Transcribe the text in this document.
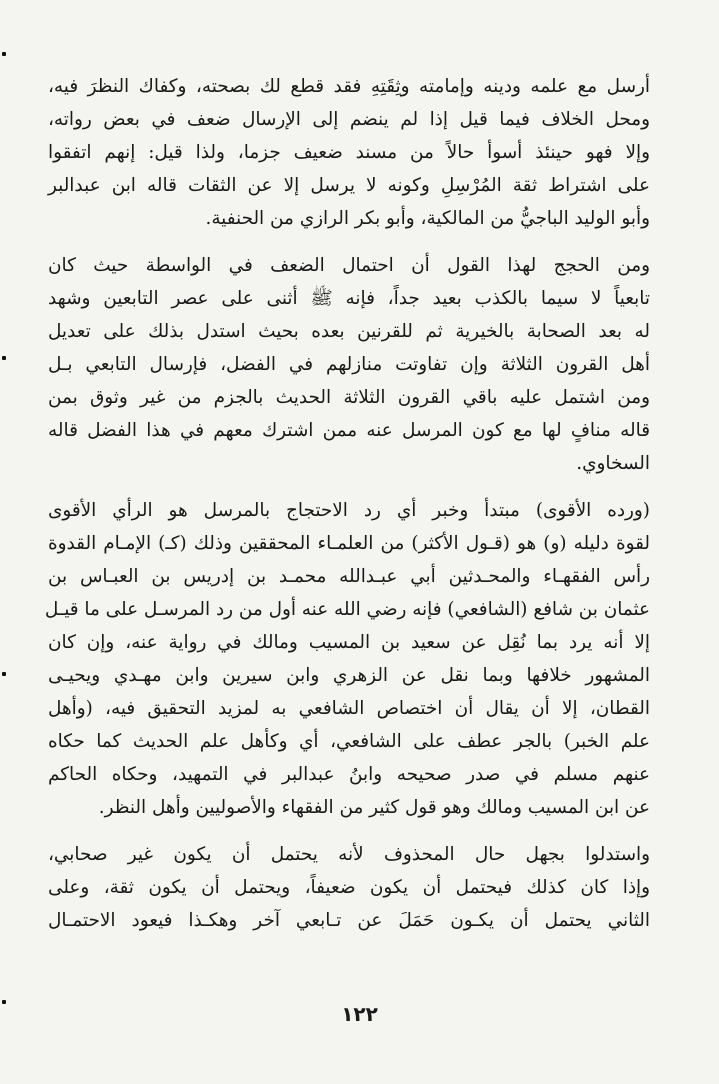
أرسل مع علمه ودينه وإمامته وثِقَتِهِ فقد قطع لك بصحته، وكفاك النظرَ فيه،
ومحل الخلاف فيما قيل إذا لم ينضم إلى الإرسال ضعف في بعض رواته،
وإلا فهو حينئذ أسوأ حالاً من مسند ضعيف جزما، ولذا قيل: إنهم اتفقوا
على اشتراط ثقة المُرْسِلِ وكونه لا يرسل إلا عن الثقات قاله ابن عبدالبر
وأبو الوليد الباجيُّ من المالكية، وأبو بكر الرازي من الحنفية.

ومن الحجج لهذا القول أن احتمال الضعف في الواسطة حيث كان
تابعياً لا سيما بالكذب بعيد جداً، فإنه ﷺ أثنى على عصر التابعين وشهد
له بعد الصحابة بالخيرية ثم للقرنين بعده بحيث استدل بذلك على تعديل
أهل القرون الثلاثة وإن تفاوتت منازلهم في الفضل، فإرسال التابعي بـل
ومن اشتمل عليه باقي القرون الثلاثة الحديث بالجزم من غير وثوق بمن
قاله منافٍ لها مع كون المرسل عنه ممن اشترك معهم في هذا الفضل قاله
السخاوي.

(ورده الأقوى) مبتدأ وخبر أي رد الاحتجاج بالمرسل هو الرأي الأقوى
لقوة دليله (و) هو (قـول الأكثر) من العلمـاء المحققين وذلك (كـ) الإمـام القدوة
رأس الفقهـاء والمحـدثين أبي عبـدالله محمـد بن إدريس بن العبـاس بن
عثمان بن شافع (الشافعي) فإنه رضي الله عنه أول من رد المرسـل على ما قيـل
إلا أنه يرد بما نُقِل عن سعيد بن المسيب ومالك في رواية عنه، وإن كان
المشهور خلافها وبما نقل عن الزهري وابن سيرين وابن مهـدي ويحيـى
القطان، إلا أن يقال أن اختصاص الشافعي به لمزيد التحقيق فيه، (وأهل
علم الخبر) بالجر عطف على الشافعي، أي وكأهل علم الحديث كما حكاه
عنهم مسلم في صدر صحيحه وابنُ عبدالبر في التمهيد، وحكاه الحاكم
عن ابن المسيب ومالك وهو قول كثير من الفقهاء والأصوليين وأهل النظر.

واستدلوا بجهل حال المحذوف لأنه يحتمل أن يكون غير صحابي،
وإذا كان كذلك فيحتمل أن يكون ضعيفاً، ويحتمل أن يكون ثقة، وعلى
الثاني يحتمل أن يكـون حَمَلَ عن تـابعي آخر وهكـذا فيعود الاحتمـال

١٢٢
